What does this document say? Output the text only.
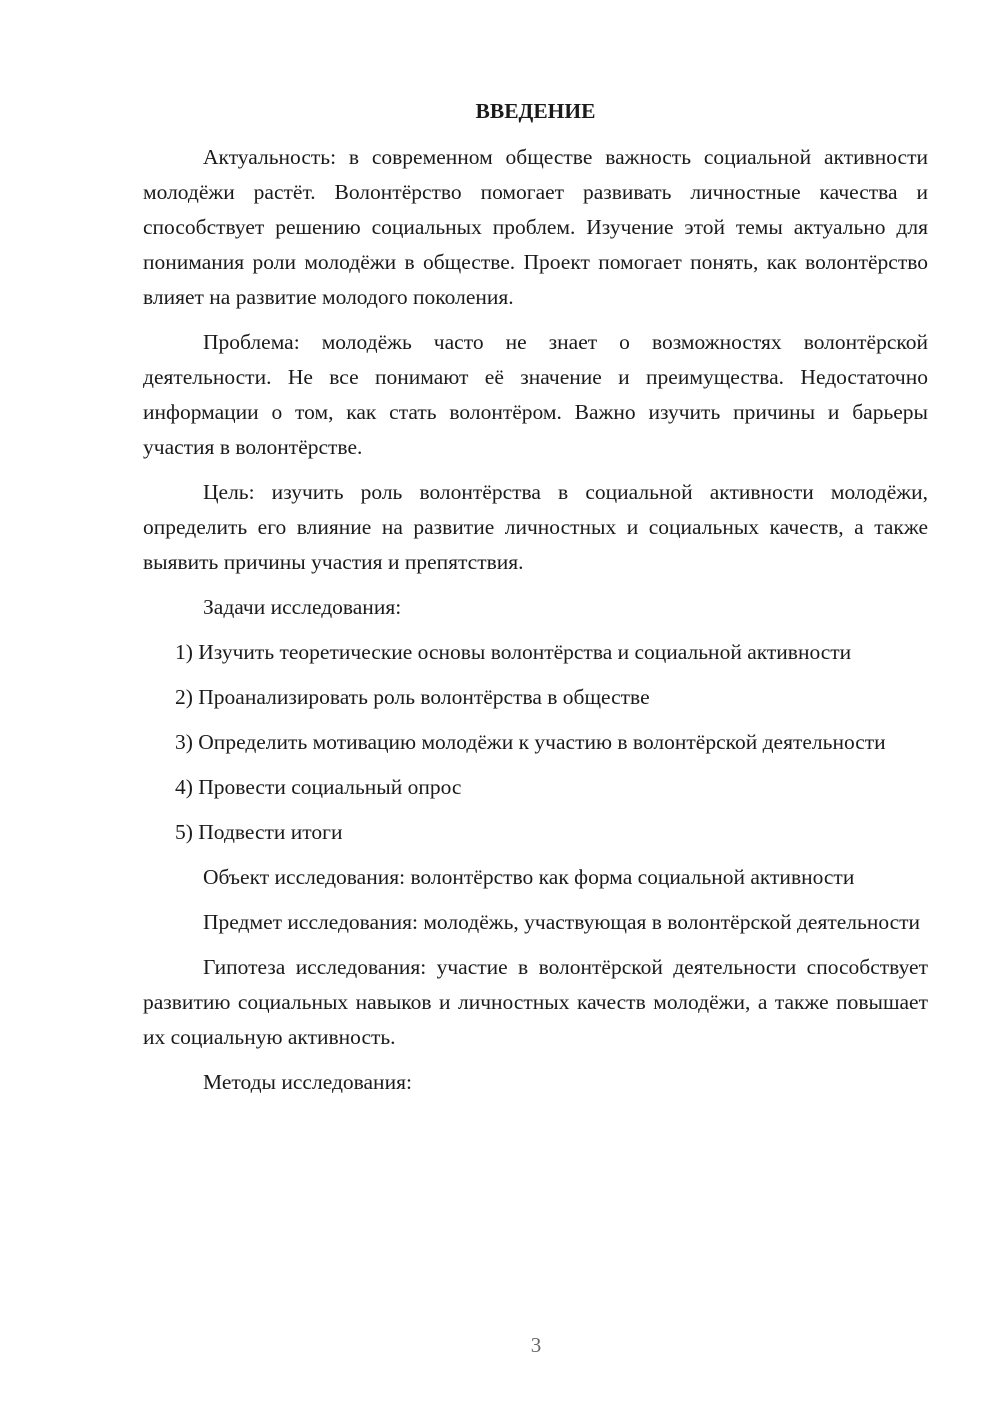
ВВЕДЕНИЕ

Актуальность: в современном обществе важность социальной активности молодёжи растёт. Волонтёрство помогает развивать личностные качества и способствует решению социальных проблем. Изучение этой темы актуально для понимания роли молодёжи в обществе. Проект помогает понять, как волонтёрство влияет на развитие молодого поколения.

Проблема: молодёжь часто не знает о возможностях волонтёрской деятельности. Не все понимают её значение и преимущества. Недостаточно информации о том, как стать волонтёром. Важно изучить причины и барьеры участия в волонтёрстве.

Цель: изучить роль волонтёрства в социальной активности молодёжи, определить его влияние на развитие личностных и социальных качеств, а также выявить причины участия и препятствия.

Задачи исследования:

1) Изучить теоретические основы волонтёрства и социальной активности

2) Проанализировать роль волонтёрства в обществе

3) Определить мотивацию молодёжи к участию в волонтёрской деятельности

4) Провести социальный опрос

5) Подвести итоги

Объект исследования: волонтёрство как форма социальной активности

Предмет исследования: молодёжь, участвующая в волонтёрской деятельности

Гипотеза исследования: участие в волонтёрской деятельности способствует развитию социальных навыков и личностных качеств молодёжи, а также повышает их социальную активность.

Методы исследования:

3
